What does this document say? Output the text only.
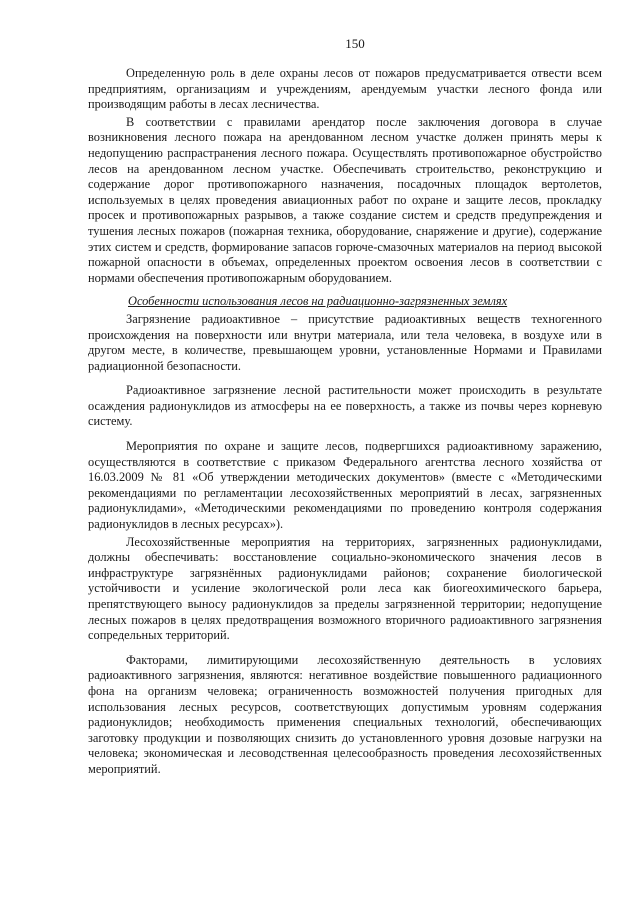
150

Определенную роль в деле охраны лесов от пожаров предусматривается отвести всем предприятиям, организациям и учреждениям, арендуемым участки лесного фонда или производящим работы в лесах лесничества.

В соответствии с правилами арендатор после заключения договора в случае возникновения лесного пожара на арендованном лесном участке должен принять меры к недопущению распрастранения лесного пожара. Осуществлять противопожарное обустройство лесов на арендованном лесном участке. Обеспечивать строительство, реконструкцию и содержание дорог противопожарного назначения, посадочных площадок вертолетов, используемых в целях проведения авиационных работ по охране и защите лесов, прокладку просек и противопожарных разрывов, а также создание систем и средств предупреждения и тушения лесных пожаров (пожарная техника, оборудование, снаряжение и другие), содержание этих систем и средств, формирование запасов горюче-смазочных материалов на период высокой пожарной опасности в объемах, определенных проектом освоения лесов в соответствии с нормами обеспечения противопожарным оборудованием.

Особенности использования лесов на радиационно-загрязненных землях

Загрязнение радиоактивное – присутствие радиоактивных веществ техногенного происхождения на поверхности или внутри материала, или тела человека, в воздухе или в другом месте, в количестве, превышающем уровни, установленные Нормами и Правилами радиационной безопасности.

Радиоактивное загрязнение лесной растительности может происходить в результате осаждения радионуклидов из атмосферы на ее поверхность, а также из почвы через корневую систему.

Мероприятия по охране и защите лесов, подвергшихся радиоактивному заражению, осуществляются в соответствие с приказом Федерального агентства лесного хозяйства от 16.03.2009 № 81 «Об утверждении методических документов» (вместе с «Методическими рекомендациями по регламентации лесохозяйственных мероприятий в лесах, загрязненных радионуклидами», «Методическими рекомендациями по проведению контроля содержания радионуклидов в лесных ресурсах»).

Лесохозяйственные мероприятия на территориях, загрязненных радионуклидами, должны обеспечивать: восстановление социально-экономического значения лесов в инфраструктуре загрязнённых радионуклидами районов; сохранение биологической устойчивости и усиление экологической роли леса как биогеохимического барьера, препятствующего выносу радионуклидов за пределы загрязненной территории; недопущение лесных пожаров в целях предотвращения возможного вторичного радиоактивного загрязнения сопредельных территорий.

Факторами, лимитирующими лесохозяйственную деятельность в условиях радиоактивного загрязнения, являются: негативное воздействие повышенного радиационного фона на организм человека; ограниченность возможностей получения пригодных для использования лесных ресурсов, соответствующих допустимым уровням содержания радионуклидов; необходимость применения специальных технологий, обеспечивающих заготовку продукции и позволяющих снизить до установленного уровня дозовые нагрузки на человека; экономическая и лесоводственная целесообразность проведения лесохозяйственных мероприятий.
